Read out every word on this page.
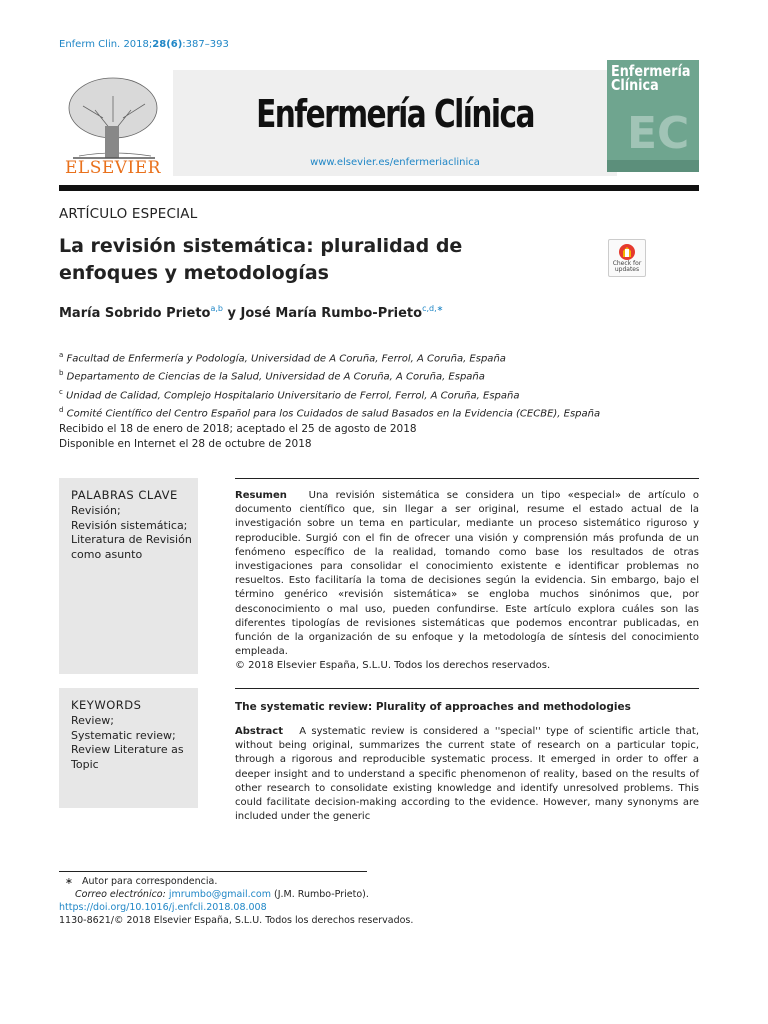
Enferm Clin. 2018;28(6):387–393
ELSEVIER
Enfermería Clínica
www.elsevier.es/enfermeriaclinica
Enfermería
Clínica
EC
ARTÍCULO ESPECIAL
La revisión sistemática: pluralidad de enfoques y metodologías	Check for updates
María Sobrido Prieto$^{a,b}$ y José María Rumbo-Prieto$^{c,d,∗}$
$^a$ Facultad de Enfermería y Podología, Universidad de A Coruña, Ferrol, A Coruña, España
$^b$ Departamento de Ciencias de la Salud, Universidad de A Coruña, A Coruña, España
$^c$ Unidad de Calidad, Complejo Hospitalario Universitario de Ferrol, Ferrol, A Coruña, España
$^d$ Comité Científico del Centro Español para los Cuidados de salud Basados en la Evidencia (CECBE), España
Recibido el 18 de enero de 2018; aceptado el 25 de agosto de 2018
Disponible en Internet el 28 de octubre de 2018
PALABRAS CLAVE
Revisión;
Revisión sistemática;
Literatura de Revisión
como asunto
KEYWORDS
Review;
Systematic review;
Review Literature as
Topic
Resumen Una revisión sistemática se considera un tipo «especial» de artículo o documento científico que, sin llegar a ser original, resume el estado actual de la investigación sobre un tema en particular, mediante un proceso sistemático riguroso y reproducible. Surgió con el fin de ofrecer una visión y comprensión más profunda de un fenómeno específico de la realidad, tomando como base los resultados de otras investigaciones para consolidar el conocimiento existente e identificar problemas no resueltos. Esto facilitaría la toma de decisiones según la evidencia. Sin embargo, bajo el término genérico «revisión sistemática» se engloba muchos sinónimos que, por desconocimiento o mal uso, pueden confundirse. Este artículo explora cuáles son las diferentes tipologías de revisiones sistemáticas que podemos encontrar publicadas, en función de la organización de su enfoque y la metodología de síntesis del conocimiento empleada.
© 2018 Elsevier España, S.L.U. Todos los derechos reservados.
The systematic review: Plurality of approaches and methodologies
Abstract A systematic review is considered a ''special'' type of scientific article that, without being original, summarizes the current state of research on a particular topic, through a rigorous and reproducible systematic process. It emerged in order to offer a deeper insight and to understand a specific phenomenon of reality, based on the results of other research to consolidate existing knowledge and identify unresolved problems. This could facilitate decision-making according to the evidence. However, many synonyms are included under the generic
∗ Autor para correspondencia.
Correo electrónico: jmrumbo@gmail.com (J.M. Rumbo-Prieto).
https://doi.org/10.1016/j.enfcli.2018.08.008
1130-8621/© 2018 Elsevier España, S.L.U. Todos los derechos reservados.
